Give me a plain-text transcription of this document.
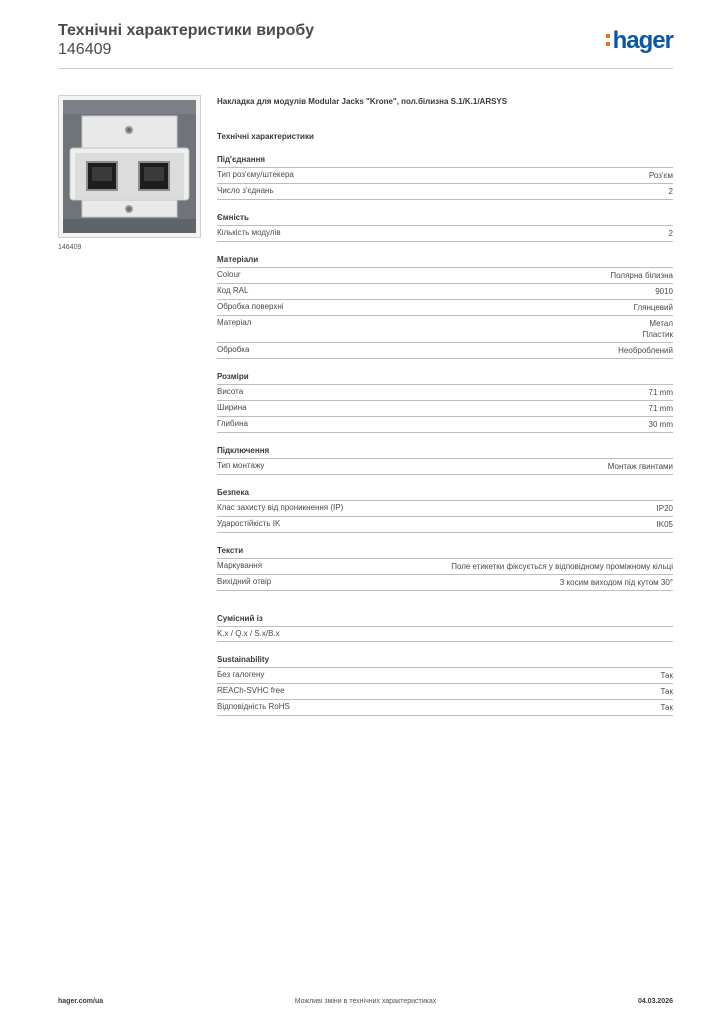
Технічні характеристики виробу
146409	hager
146409
Накладка для модулів Modular Jacks "Krone", пол.білизна S.1/K.1/ARSYS
Технічні характеристики
Під'єднання
Тип роз'єму/штекера	Роз'єм
Число з'єднань	2
Ємність
Кількість модулів	2
Матеріали
Colour	Полярна білизна
Код RAL	9010
Обробка поверхні	Глянцевий
Матеріал	Метал
Пластик
Обробка	Необроблений
Розміри
Висота	71 mm
Ширина	71 mm
Глибина	30 mm
Підключення
Тип монтажу	Монтаж гвинтами
Безпека
Клас захисту від проникнення (IP)	IP20
Ударостійкість IK	IK05
Тексти
Маркування	Поле етикетки фіксується у відповідному проміжному кільці
Вихідний отвір	З косим виходом під кутом 30°
Сумісний із
K.x / Q.x / S.x/B.x
Sustainability
Без галогену	Так
REACh-SVHC free	Так
Відповідність RoHS	Так
hager.com/ua	Можливі зміни в технічних характеристиках	04.03.2026
